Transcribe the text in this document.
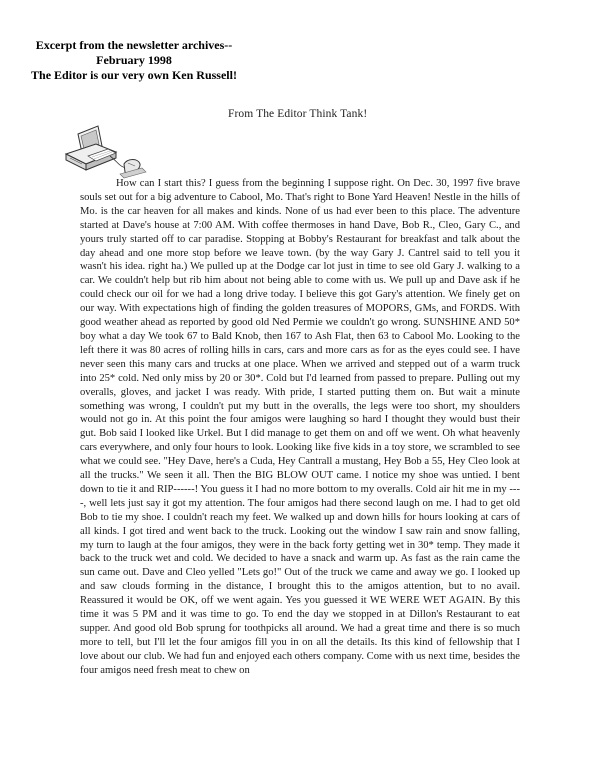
Excerpt from the newsletter archives--
February 1998
The Editor is our very own Ken Russell!
From The Editor Think Tank!

How can I start this? I guess from the beginning I suppose right. On Dec. 30, 1997 five brave souls set out for a big adventure to Cabool, Mo. That's right to Bone Yard Heaven! Nestle in the hills of Mo. is the car heaven for all makes and kinds. None of us had ever been to this place. The adventure started at Dave's house at 7:00 AM. With coffee thermoses in hand Dave, Bob R., Cleo, Gary C., and yours truly started off to car paradise. Stopping at Bobby's Restaurant for breakfast and talk about the day ahead and one more stop before we leave town. (by the way Gary J. Cantrel said to tell you it wasn't his idea. right ha.) We pulled up at the Dodge car lot just in time to see old Gary J. walking to a car. We couldn't help but rib him about not being able to come with us. We pull up and Dave ask if he could check our oil for we had a long drive today. I believe this got Gary's attention. We finely get on our way. With expectations high of finding the golden treasures of MOPORS, GMs, and FORDS. With good weather ahead as reported by good old Ned Permie we couldn't go wrong. SUNSHINE AND 50* boy what a day We took 67 to Bald Knob, then 167 to Ash Flat, then 63 to Cabool Mo. Looking to the left there it was 80 acres of rolling hills in cars, cars and more cars as for as the eyes could see. I have never seen this many cars and trucks at one place. When we arrived and stepped out of a warm truck into 25* cold. Ned only miss by 20 or 30*. Cold but I'd learned from passed to prepare. Pulling out my overalls, gloves, and jacket I was ready. With pride, I started putting them on. But wait a minute something was wrong, I couldn't put my butt in the overalls, the legs were too short, my shoulders would not go in. At this point the four amigos were laughing so hard I thought they would bust their gut. Bob said I looked like Urkel. But I did manage to get them on and off we went. Oh what heavenly cars everywhere, and only four hours to look. Looking like five kids in a toy store, we scrambled to see what we could see. "Hey Dave, here's a Cuda, Hey Cantrall a mustang, Hey Bob a 55, Hey Cleo look at all the trucks." We seen it all. Then the BIG BLOW OUT came. I notice my shoe was untied. I bent down to tie it and RIP------! You guess it I had no more bottom to my overalls. Cold air hit me in my ----, well lets just say it got my attention. The four amigos had there second laugh on me. I had to get old Bob to tie my shoe. I couldn't reach my feet. We walked up and down hills for hours looking at cars of all kinds. I got tired and went back to the truck. Looking out the window I saw rain and snow falling, my turn to laugh at the four amigos, they were in the back forty getting wet in 30* temp. They made it back to the truck wet and cold. We decided to have a snack and warm up. As fast as the rain came the sun came out. Dave and Cleo yelled "Lets go!" Out of the truck we came and away we go. I looked up and saw clouds forming in the distance, I brought this to the amigos attention, but to no avail. Reassured it would be OK, off we went again. Yes you guessed it WE WERE WET AGAIN. By this time it was 5 PM and it was time to go. To end the day we stopped in at Dillon's Restaurant to eat supper. And good old Bob sprung for toothpicks all around. We had a great time and there is so much more to tell, but I'll let the four amigos fill you in on all the details. Its this kind of fellowship that I love about our club. We had fun and enjoyed each others company. Come with us next time, besides the four amigos need fresh meat to chew on
